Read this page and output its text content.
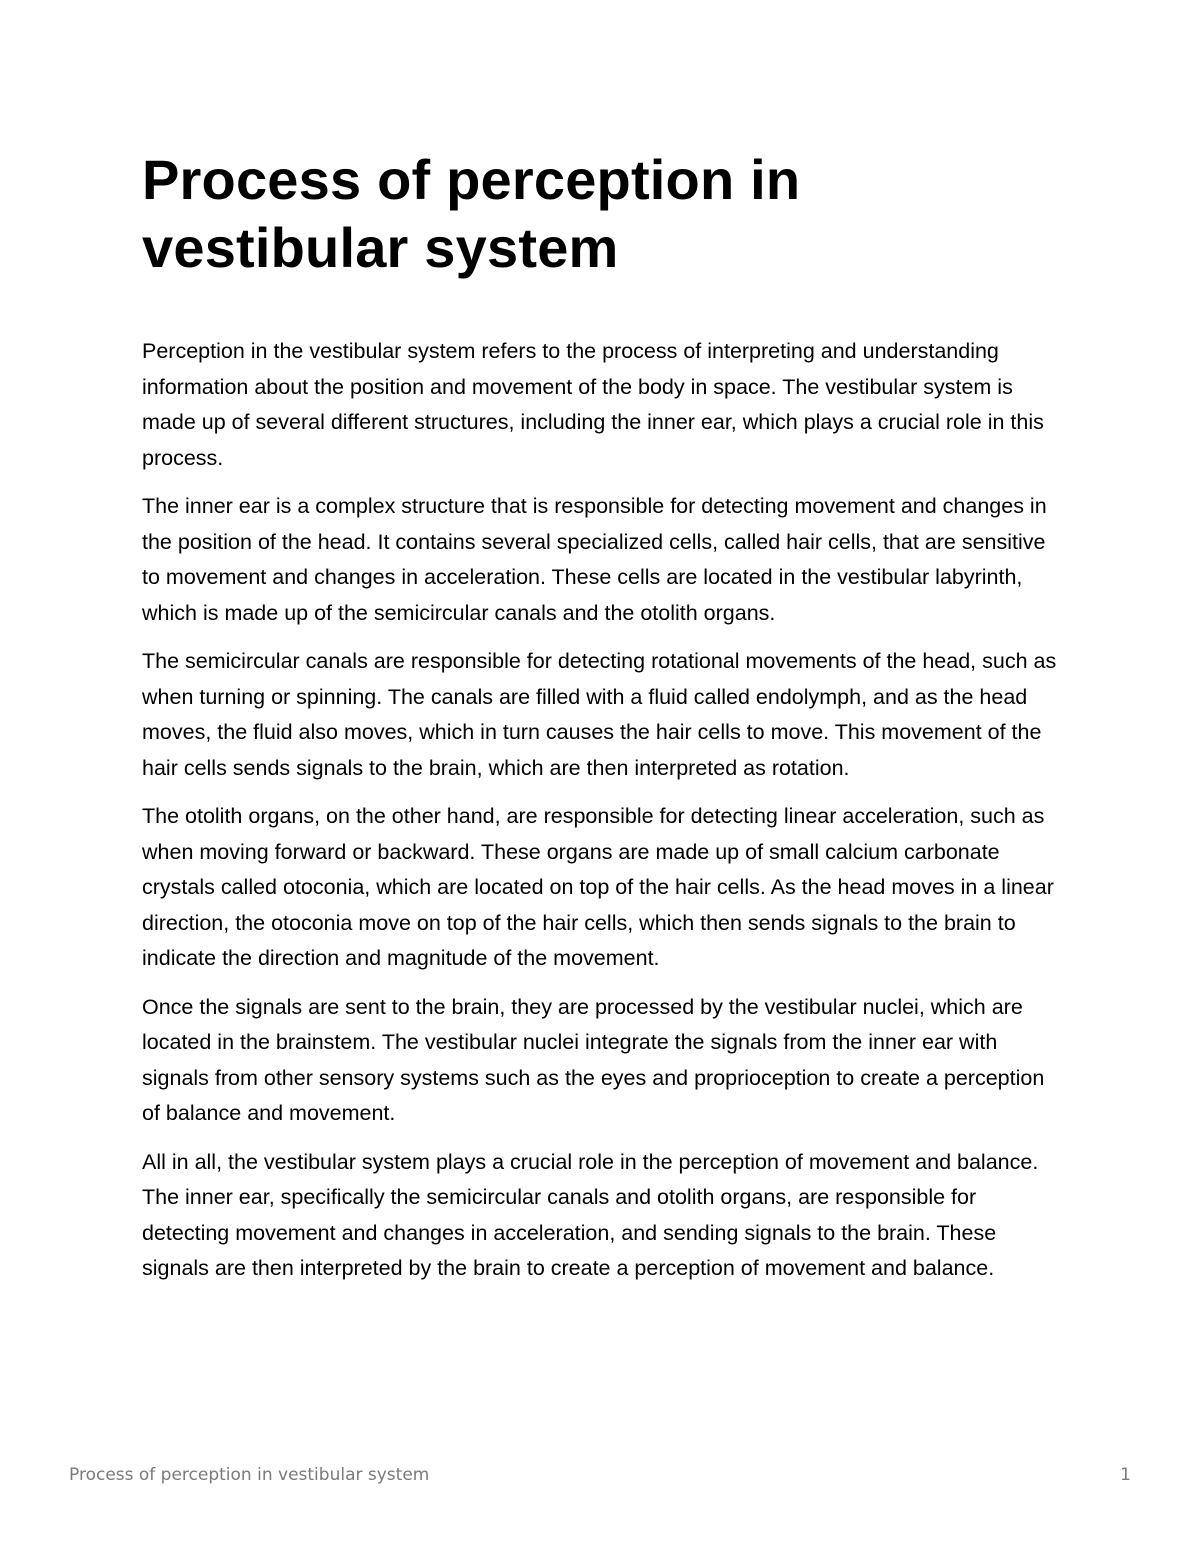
Process of perception in vestibular system

Perception in the vestibular system refers to the process of interpreting and understanding information about the position and movement of the body in space. The vestibular system is made up of several different structures, including the inner ear, which plays a crucial role in this process.

The inner ear is a complex structure that is responsible for detecting movement and changes in the position of the head. It contains several specialized cells, called hair cells, that are sensitive to movement and changes in acceleration. These cells are located in the vestibular labyrinth, which is made up of the semicircular canals and the otolith organs.

The semicircular canals are responsible for detecting rotational movements of the head, such as when turning or spinning. The canals are filled with a fluid called endolymph, and as the head moves, the fluid also moves, which in turn causes the hair cells to move. This movement of the hair cells sends signals to the brain, which are then interpreted as rotation.

The otolith organs, on the other hand, are responsible for detecting linear acceleration, such as when moving forward or backward. These organs are made up of small calcium carbonate crystals called otoconia, which are located on top of the hair cells. As the head moves in a linear direction, the otoconia move on top of the hair cells, which then sends signals to the brain to indicate the direction and magnitude of the movement.

Once the signals are sent to the brain, they are processed by the vestibular nuclei, which are located in the brainstem. The vestibular nuclei integrate the signals from the inner ear with signals from other sensory systems such as the eyes and proprioception to create a perception of balance and movement.

All in all, the vestibular system plays a crucial role in the perception of movement and balance. The inner ear, specifically the semicircular canals and otolith organs, are responsible for detecting movement and changes in acceleration, and sending signals to the brain. These signals are then interpreted by the brain to create a perception of movement and balance.

Process of perception in vestibular system	1
